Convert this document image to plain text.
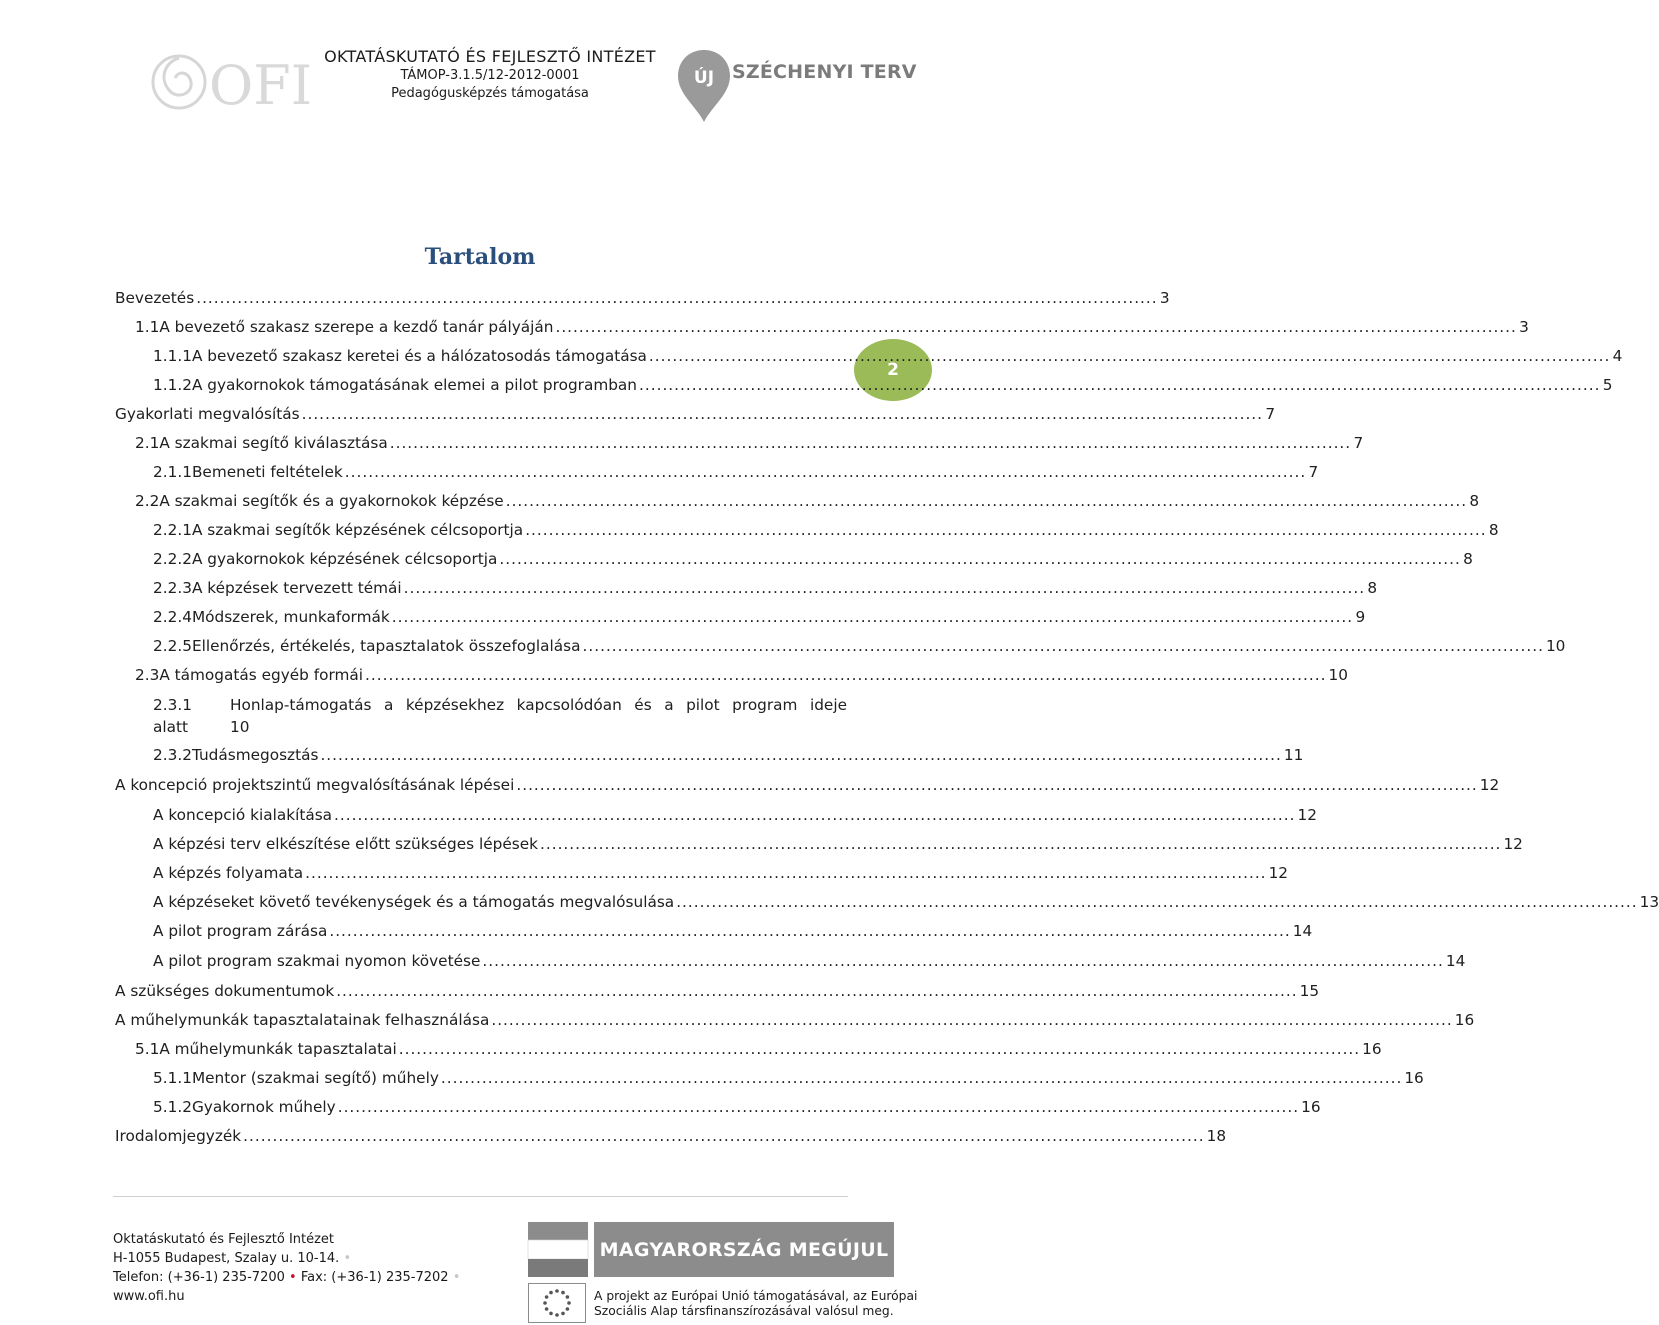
OFI OKTATÁSKUTATÓ ÉS FEJLESZTŐ INTÉZET
TÁMOP-3.1.5/12-2012-0001
Pedagógusképzés támogatása
ÚJ SZÉCHENYI TERV
Tartalom
2
Bevezetés .................................................................................................................................................................... 3
1.1 A bevezető szakasz szerepe a kezdő tanár pályáján .................................................................................................................................................................... 3
1.1.1 A bevezető szakasz keretei és a hálózatosodás támogatása .................................................................................................................................................................... 4
1.1.2 A gyakornokok támogatásának elemei a pilot programban .................................................................................................................................................................... 5
Gyakorlati megvalósítás .................................................................................................................................................................... 7
2.1 A szakmai segítő kiválasztása .................................................................................................................................................................... 7
2.1.1 Bemeneti feltételek .................................................................................................................................................................... 7
2.2 A szakmai segítők és a gyakornokok képzése .................................................................................................................................................................... 8
2.2.1 A szakmai segítők képzésének célcsoportja .................................................................................................................................................................... 8
2.2.2 A gyakornokok képzésének célcsoportja .................................................................................................................................................................... 8
2.2.3 A képzések tervezett témái .................................................................................................................................................................... 8
2.2.4 Módszerek, munkaformák .................................................................................................................................................................... 9
2.2.5 Ellenőrzés, értékelés, tapasztalatok összefoglalása .................................................................................................................................................................... 10
2.3 A támogatás egyéb formái .................................................................................................................................................................... 10
2.3.1	Honlap-támogatás a képzésekhez kapcsolódóan és a pilot program ideje
alatt	10
2.3.2 Tudásmegosztás .................................................................................................................................................................... 11
A koncepció projektszintű megvalósításának lépései .................................................................................................................................................................... 12
A koncepció kialakítása .................................................................................................................................................................... 12
A képzési terv elkészítése előtt szükséges lépések .................................................................................................................................................................... 12
A képzés folyamata .................................................................................................................................................................... 12
A képzéseket követő tevékenységek és a támogatás megvalósulása .................................................................................................................................................................... 13
A pilot program zárása .................................................................................................................................................................... 14
A pilot program szakmai nyomon követése .................................................................................................................................................................... 14
A szükséges dokumentumok .................................................................................................................................................................... 15
A műhelymunkák tapasztalatainak felhasználása .................................................................................................................................................................... 16
5.1 A műhelymunkák tapasztalatai .................................................................................................................................................................... 16
5.1.1 Mentor (szakmai segítő) műhely .................................................................................................................................................................... 16
5.1.2 Gyakornok műhely .................................................................................................................................................................... 16
Irodalomjegyzék .................................................................................................................................................................... 18
Oktatáskutató és Fejlesztő Intézet
H-1055 Budapest, Szalay u. 10-14. •
Telefon: (+36-1) 235-7200 • Fax: (+36-1) 235-7202 •
www.ofi.hu
MAGYARORSZÁG MEGÚJUL
A projekt az Európai Unió támogatásával, az Európai
Szociális Alap társfinanszírozásával valósul meg.
